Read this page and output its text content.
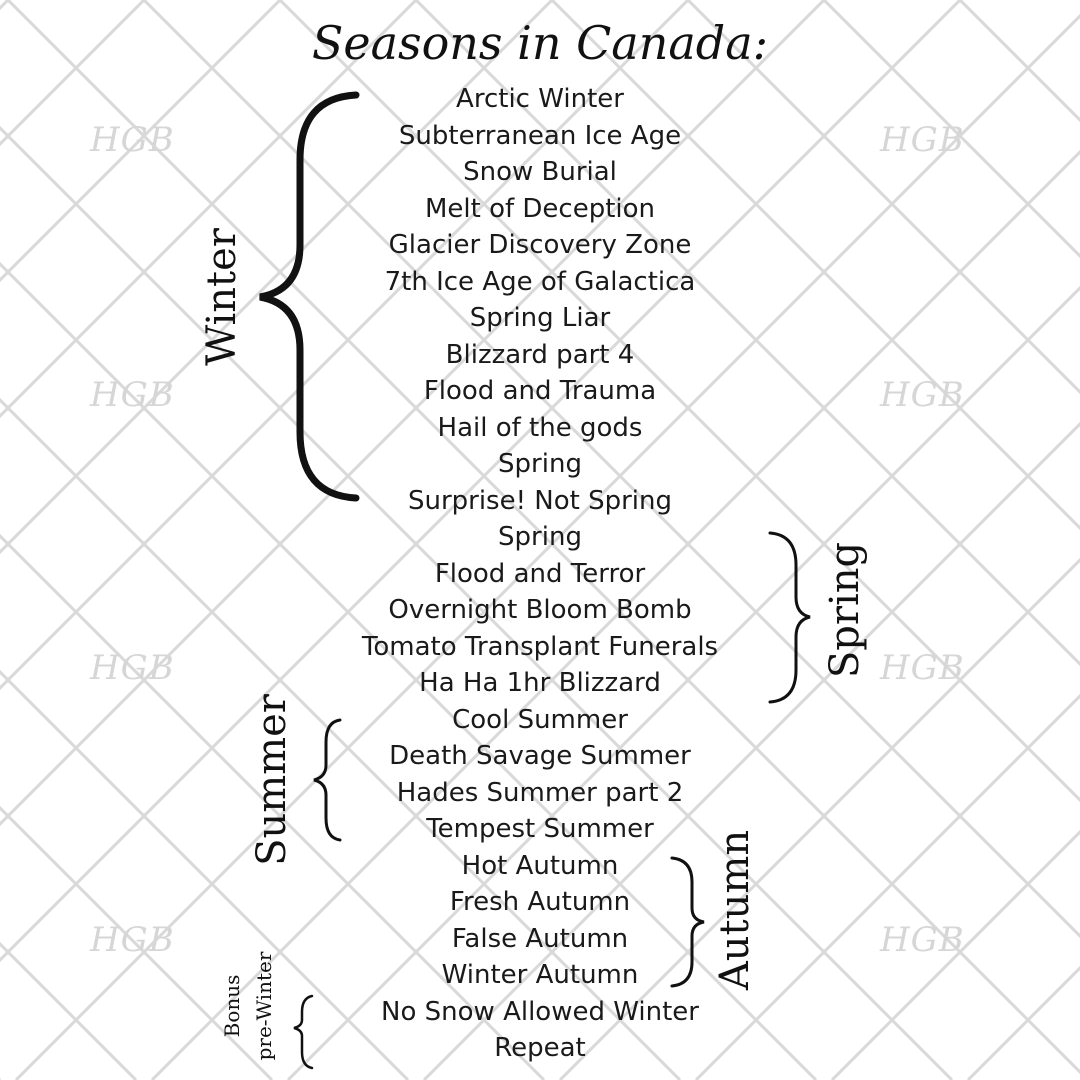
HGB	HGB
HGB	HGB
HGB	HGB
HGB	HGB
Seasons in Canada:
Arctic Winter
Subterranean Ice Age
Snow Burial
Melt of Deception
Glacier Discovery Zone
7th Ice Age of Galactica
Spring Liar
Blizzard part 4
Flood and Trauma
Hail of the gods
Spring
Surprise! Not Spring
Spring
Flood and Terror
Overnight Bloom Bomb
Tomato Transplant Funerals
Ha Ha 1hr Blizzard
Cool Summer
Death Savage Summer
Hades Summer part 2
Tempest Summer
Hot Autumn
Fresh Autumn
False Autumn
Winter Autumn
No Snow Allowed Winter
Repeat
Winter
Spring
Summer
Autumn
Bonus pre-Winter
